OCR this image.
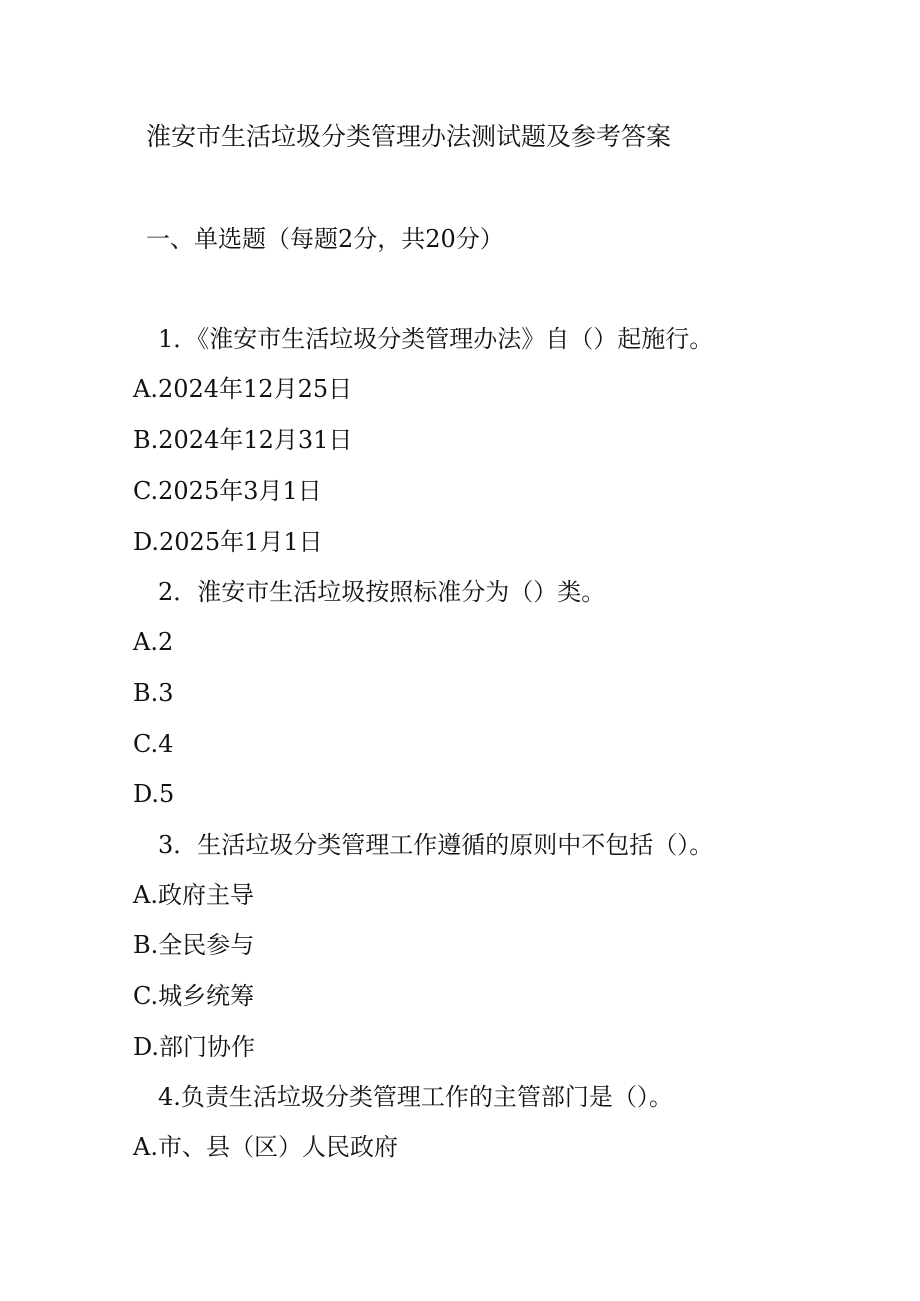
淮安市生活垃圾分类管理办法测试题及参考答案
一、单选题（每题2分，共20分）
1．《淮安市生活垃圾分类管理办法》自（）起施行。
A.2024年12月25日
B.2024年12月31日
C.2025年3月1日
D.2025年1月1日
2．淮安市生活垃圾按照标准分为（）类。
A.2
B.3
C.4
D.5
3．生活垃圾分类管理工作遵循的原则中不包括（）。
A.政府主导
B.全民参与
C.城乡统筹
D.部门协作
4.负责生活垃圾分类管理工作的主管部门是（）。
A.市、县（区）人民政府
